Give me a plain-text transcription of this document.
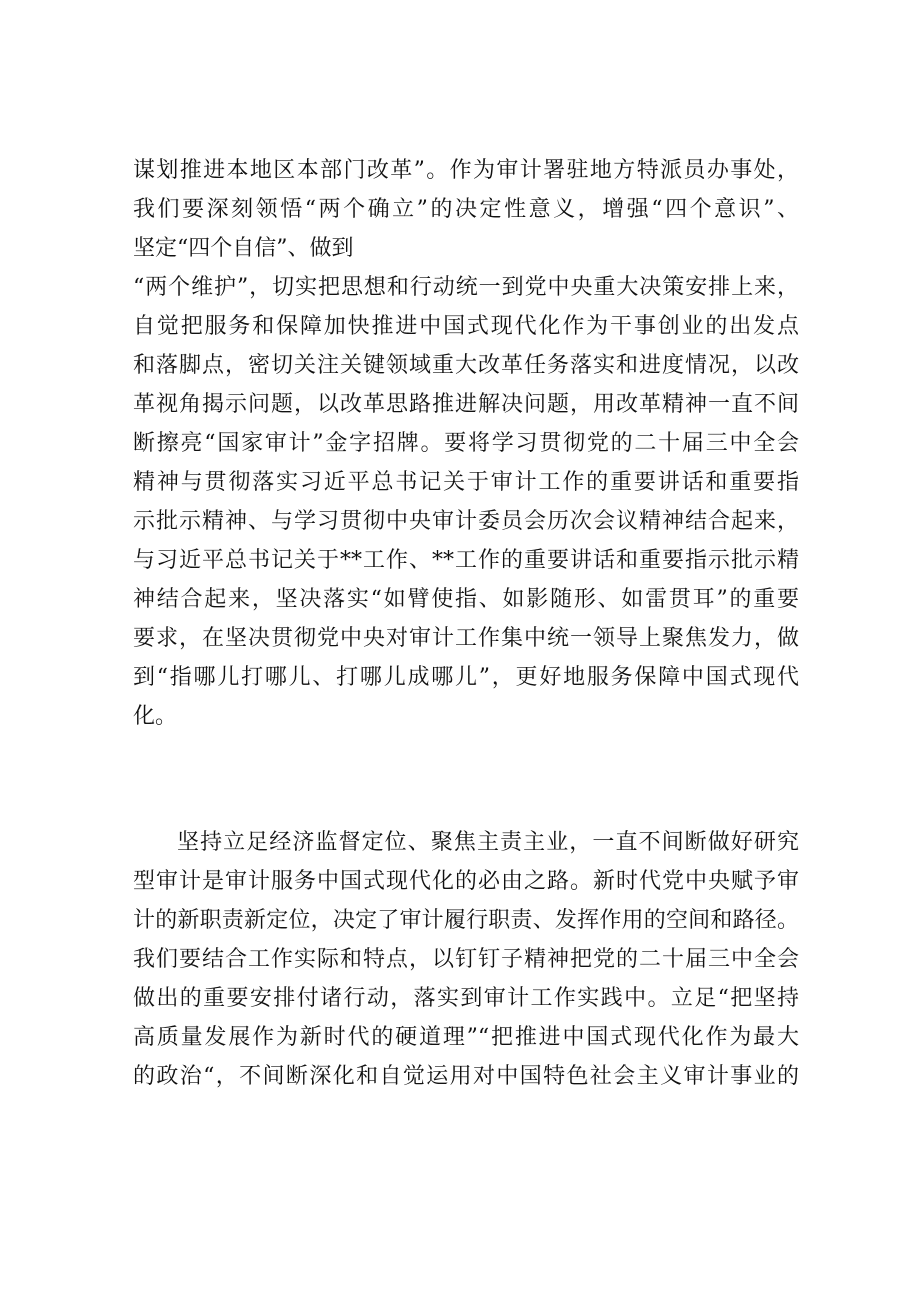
谋划推进本地区本部门改革”。作为审计署驻地方特派员办事处，
我们要深刻领悟“两个确立”的决定性意义，增强“四个意识”、
坚定“四个自信”、做到
“两个维护”，切实把思想和行动统一到党中央重大决策安排上来，
自觉把服务和保障加快推进中国式现代化作为干事创业的出发点
和落脚点，密切关注关键领域重大改革任务落实和进度情况，以改
革视角揭示问题，以改革思路推进解决问题，用改革精神一直不间
断擦亮“国家审计”金字招牌。要将学习贯彻党的二十届三中全会
精神与贯彻落实习近平总书记关于审计工作的重要讲话和重要指
示批示精神、与学习贯彻中央审计委员会历次会议精神结合起来，
与习近平总书记关于**工作、**工作的重要讲话和重要指示批示精
神结合起来，坚决落实“如臂使指、如影随形、如雷贯耳”的重要
要求，在坚决贯彻党中央对审计工作集中统一领导上聚焦发力，做
到“指哪儿打哪儿、打哪儿成哪儿”，更好地服务保障中国式现代
化。
坚持立足经济监督定位、聚焦主责主业，一直不间断做好研究
型审计是审计服务中国式现代化的必由之路。新时代党中央赋予审
计的新职责新定位，决定了审计履行职责、发挥作用的空间和路径。
我们要结合工作实际和特点，以钉钉子精神把党的二十届三中全会
做出的重要安排付诸行动，落实到审计工作实践中。立足“把坚持
高质量发展作为新时代的硬道理”“把推进中国式现代化作为最大
的政治“，不间断深化和自觉运用对中国特色社会主义审计事业的
